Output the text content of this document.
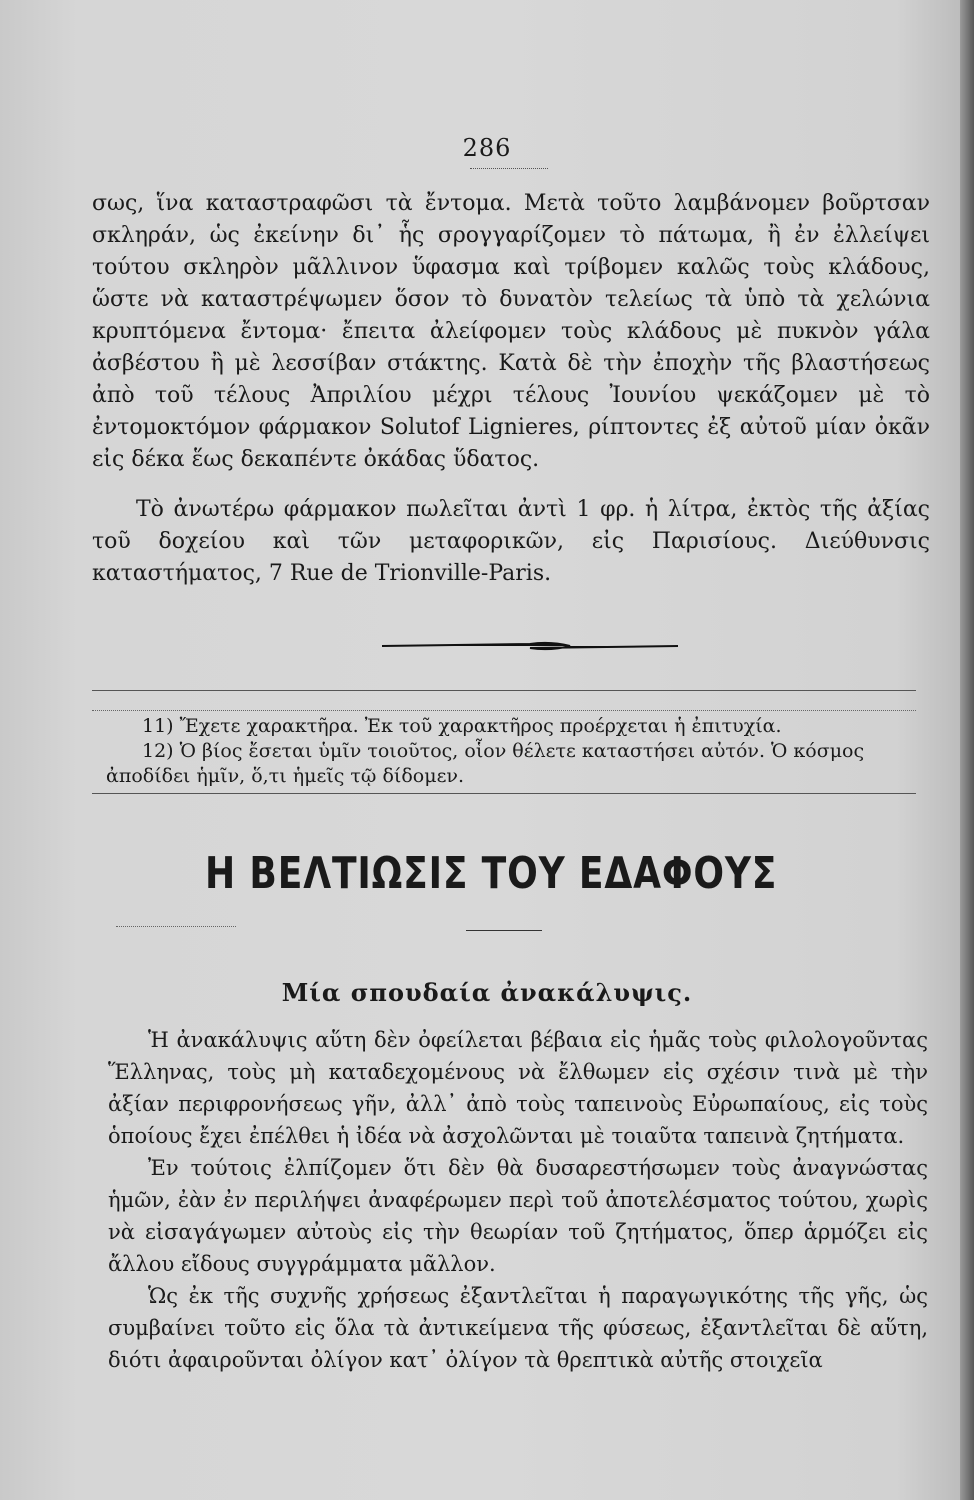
286

σως, ἵνα καταστραφῶσι τὰ ἔντομα. Μετὰ τοῦτο λαμβάνομεν βοῦρτσαν σκληράν, ὡς ἐκείνην δι᾽ ἧς σρογγαρίζομεν τὸ πάτωμα, ἢ ἐν ἐλλείψει τούτου σκληρὸν μᾶλλινον ὕφασμα καὶ τρίβομεν καλῶς τοὺς κλάδους, ὥστε νὰ καταστρέψωμεν ὅσον τὸ δυνατὸν τελείως τὰ ὑπὸ τὰ χελώνια κρυπτόμενα ἔντομα· ἔπειτα ἀλείφομεν τοὺς κλάδους μὲ πυκνὸν γάλα ἀσβέστου ἢ μὲ λεσσίβαν στάκτης. Κατὰ δὲ τὴν ἐποχὴν τῆς βλαστήσεως ἀπὸ τοῦ τέλους Ἀπριλίου μέχρι τέλους Ἰουνίου ψεκάζομεν μὲ τὸ ἐντομοκτόμον φάρμακον Solutof Lignieres, ρίπτοντες ἐξ αὐτοῦ μίαν ὀκᾶν εἰς δέκα ἕως δεκαπέντε ὀκάδας ὕδατος.

Τὸ ἀνωτέρω φάρμακον πωλεῖται ἀντὶ 1 φρ. ἡ λίτρα, ἐκτὸς τῆς ἀξίας τοῦ δοχείου καὶ τῶν μεταφορικῶν, εἰς Παρισίους. Διεύθυνσις καταστήματος, 7 Rue de Trionville-Paris.

11) Ἔχετε χαρακτῆρα. Ἐκ τοῦ χαρακτῆρος προέρχεται ἡ ἐπιτυχία.
12) Ὁ βίος ἔσεται ὑμῖν τοιοῦτος, οἷον θέλετε καταστήσει αὐτόν. Ὁ κόσμος ἀποδίδει ἡμῖν, ὅ,τι ἡμεῖς τῷ δίδομεν.
Η ΒΕΛΤΙΩΣΙΣ ΤΟΥ ΕΔΑΦΟΥΣ
Μία σπουδαία ἀνακάλυψις.

Ἡ ἀνακάλυψις αὕτη δὲν ὀφείλεται βέβαια εἰς ἡμᾶς τοὺς φιλολογοῦντας Ἕλληνας, τοὺς μὴ καταδεχομένους νὰ ἔλθωμεν εἰς σχέσιν τινὰ μὲ τὴν ἀξίαν περιφρονήσεως γῆν, ἀλλ᾽ ἀπὸ τοὺς ταπεινοὺς Εὐρωπαίους, εἰς τοὺς ὁποίους ἔχει ἐπέλθει ἡ ἰδέα νὰ ἀσχολῶνται μὲ τοιαῦτα ταπεινὰ ζητήματα.

Ἐν τούτοις ἐλπίζομεν ὅτι δὲν θὰ δυσαρεστήσωμεν τοὺς ἀναγνώστας ἡμῶν, ἐὰν ἐν περιλήψει ἀναφέρωμεν περὶ τοῦ ἀποτελέσματος τούτου, χωρὶς νὰ εἰσαγάγωμεν αὐτοὺς εἰς τὴν θεωρίαν τοῦ ζητήματος, ὅπερ ἁρμόζει εἰς ἄλλου εἴδους συγγράμματα μᾶλλον.

Ὡς ἐκ τῆς συχνῆς χρήσεως ἐξαντλεῖται ἡ παραγωγικότης τῆς γῆς, ὡς συμβαίνει τοῦτο εἰς ὅλα τὰ ἀντικείμενα τῆς φύσεως, ἐξαντλεῖται δὲ αὕτη, διότι ἀφαιροῦνται ὀλίγον κατ᾽ ὀλίγον τὰ θρεπτικὰ αὐτῆς στοιχεῖα
